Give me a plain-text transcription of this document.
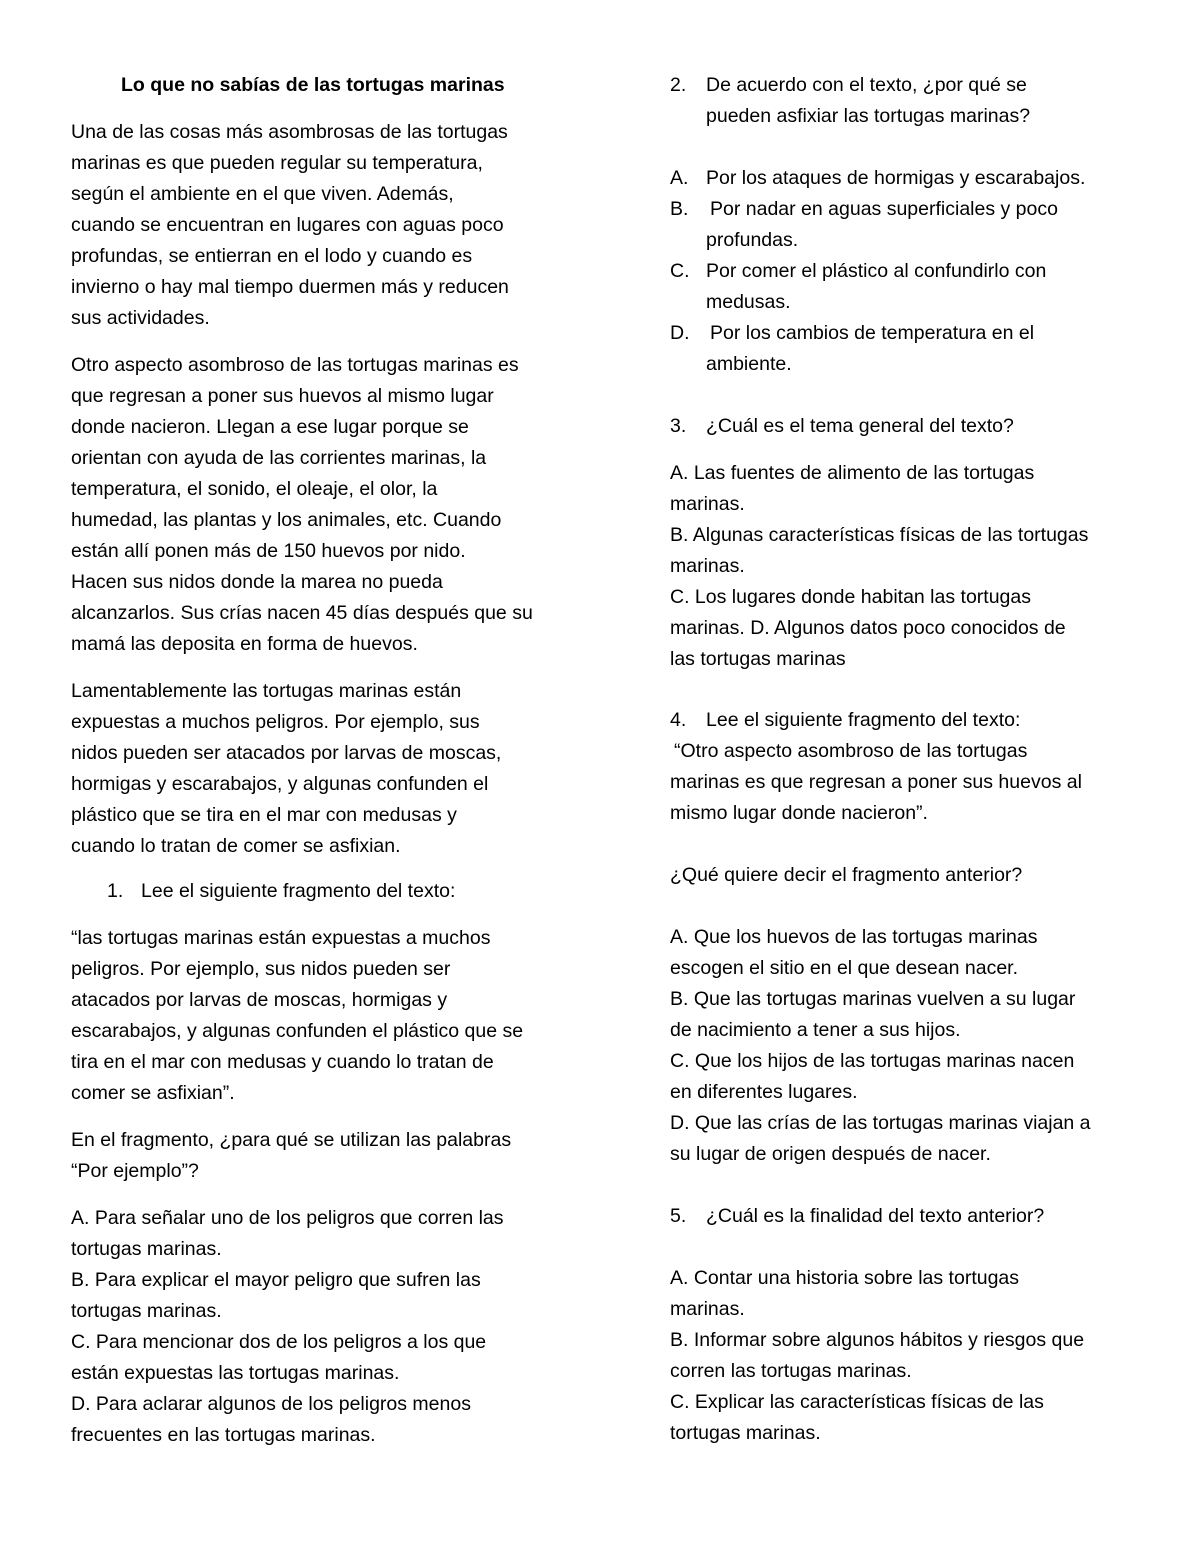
Lo que no sabías de las tortugas marinas
Una de las cosas más asombrosas de las tortugas
marinas es que pueden regular su temperatura,
según el ambiente en el que viven. Además,
cuando se encuentran en lugares con aguas poco
profundas, se entierran en el lodo y cuando es
invierno o hay mal tiempo duermen más y reducen
sus actividades.
Otro aspecto asombroso de las tortugas marinas es
que regresan a poner sus huevos al mismo lugar
donde nacieron. Llegan a ese lugar porque se
orientan con ayuda de las corrientes marinas, la
temperatura, el sonido, el oleaje, el olor, la
humedad, las plantas y los animales, etc. Cuando
están allí ponen más de 150 huevos por nido.
Hacen sus nidos donde la marea no pueda
alcanzarlos. Sus crías nacen 45 días después que su
mamá las deposita en forma de huevos.
Lamentablemente las tortugas marinas están
expuestas a muchos peligros. Por ejemplo, sus
nidos pueden ser atacados por larvas de moscas,
hormigas y escarabajos, y algunas confunden el
plástico que se tira en el mar con medusas y
cuando lo tratan de comer se asfixian.
1. Lee el siguiente fragmento del texto:
“las tortugas marinas están expuestas a muchos
peligros. Por ejemplo, sus nidos pueden ser
atacados por larvas de moscas, hormigas y
escarabajos, y algunas confunden el plástico que se
tira en el mar con medusas y cuando lo tratan de
comer se asfixian”.
En el fragmento, ¿para qué se utilizan las palabras
“Por ejemplo”?
A. Para señalar uno de los peligros que corren las
tortugas marinas.
B. Para explicar el mayor peligro que sufren las
tortugas marinas.
C. Para mencionar dos de los peligros a los que
están expuestas las tortugas marinas.
D. Para aclarar algunos de los peligros menos
frecuentes en las tortugas marinas.
2. De acuerdo con el texto, ¿por qué se
pueden asfixiar las tortugas marinas?
A. Por los ataques de hormigas y escarabajos.
B. Por nadar en aguas superficiales y poco
profundas.
C. Por comer el plástico al confundirlo con
medusas.
D. Por los cambios de temperatura en el
ambiente.
3. ¿Cuál es el tema general del texto?
A. Las fuentes de alimento de las tortugas
marinas.
B. Algunas características físicas de las tortugas
marinas.
C. Los lugares donde habitan las tortugas
marinas. D. Algunos datos poco conocidos de
las tortugas marinas
4. Lee el siguiente fragmento del texto:
“Otro aspecto asombroso de las tortugas
marinas es que regresan a poner sus huevos al
mismo lugar donde nacieron”.
¿Qué quiere decir el fragmento anterior?
A. Que los huevos de las tortugas marinas
escogen el sitio en el que desean nacer.
B. Que las tortugas marinas vuelven a su lugar
de nacimiento a tener a sus hijos.
C. Que los hijos de las tortugas marinas nacen
en diferentes lugares.
D. Que las crías de las tortugas marinas viajan a
su lugar de origen después de nacer.
5. ¿Cuál es la finalidad del texto anterior?
A. Contar una historia sobre las tortugas
marinas.
B. Informar sobre algunos hábitos y riesgos que
corren las tortugas marinas.
C. Explicar las características físicas de las
tortugas marinas.
